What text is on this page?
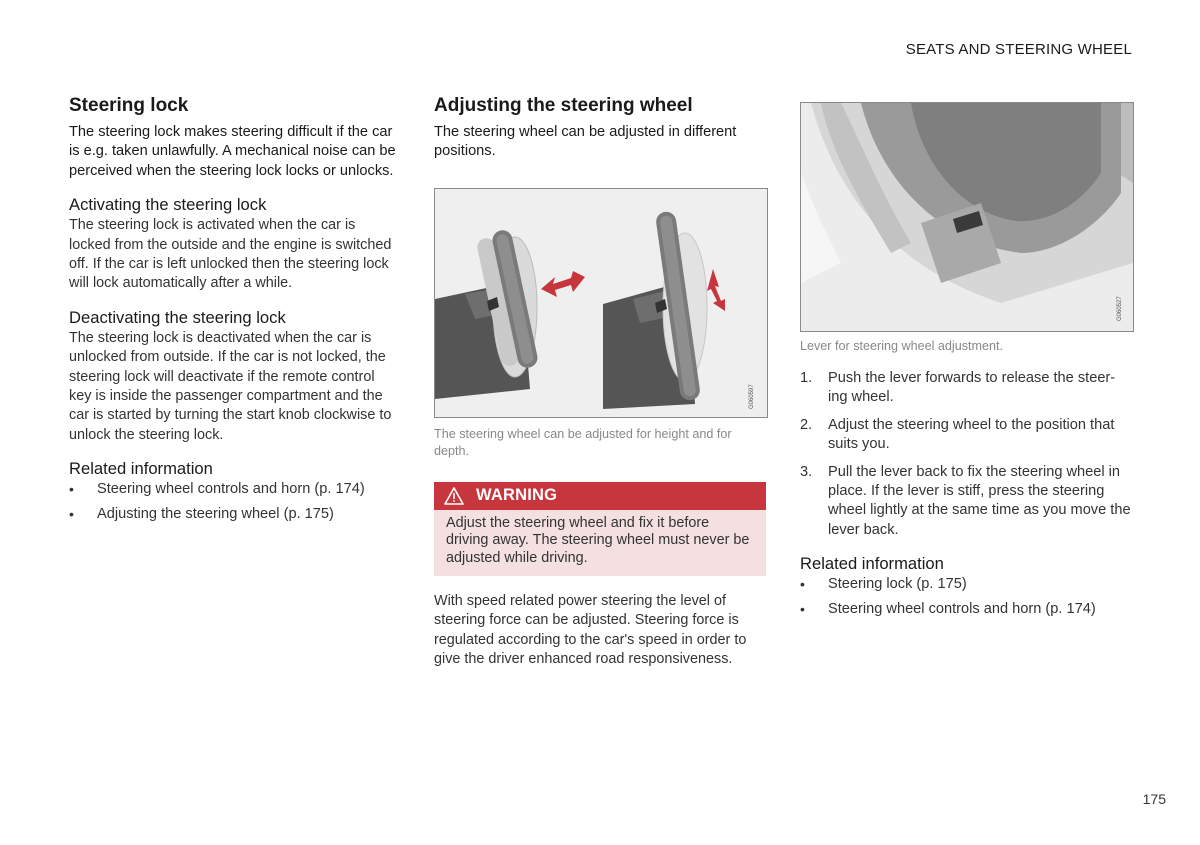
SEATS AND STEERING WHEEL
175
Steering lock

The steering lock makes steering difficult if the car is e.g. taken unlawfully. A mechanical noise can be perceived when the steering lock locks or unlocks.

Activating the steering lock

The steering lock is activated when the car is locked from the outside and the engine is switched off. If the car is left unlocked then the steering lock will lock automatically after a while.

Deactivating the steering lock

The steering lock is deactivated when the car is unlocked from outside. If the car is not locked, the steering lock will deactivate if the remote control key is inside the passenger compartment and the car is started by turning the start knob clockwise to unlock the steering lock.

Related information
• Steering wheel controls and horn (p. 174)
• Adjusting the steering wheel (p. 175)
Adjusting the steering wheel

The steering wheel can be adjusted in different positions.

G060597

The steering wheel can be adjusted for height and for depth.

WARNING
Adjust the steering wheel and fix it before driving away. The steering wheel must never be adjusted while driving.

With speed related power steering the level of steering force can be adjusted. Steering force is regulated according to the car's speed in order to give the driver enhanced road responsiveness.

G060527

Lever for steering wheel adjustment.

1. Push the lever forwards to release the steer-ing wheel.
2. Adjust the steering wheel to the position that suits you.
3. Pull the lever back to fix the steering wheel in place. If the lever is stiff, press the steering wheel lightly at the same time as you move the lever back.
Related information
• Steering lock (p. 175)
• Steering wheel controls and horn (p. 174)
